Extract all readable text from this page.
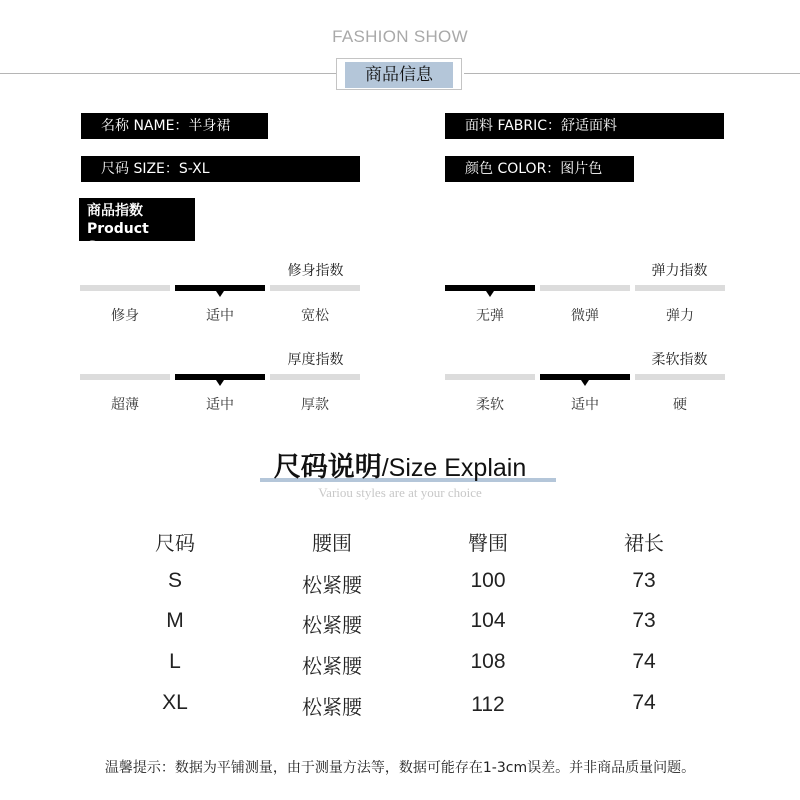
FASHION SHOW
商品信息
名称 NAME：半身裙	面料 FABRIC：舒适面料
尺码 SIZE：S-XL	颜色 COLOR：图片色
商品指数
Product Specs
修身指数
修身	适中	宽松
弹力指数
无弹	微弹	弹力
厚度指数
超薄	适中	厚款
柔软指数
柔软	适中	硬
尺码说明/Size Explain
Variou styles are at your choice
尺码	腰围	臀围	裙长
S	松紧腰	100	73
M	松紧腰	104	73
L	松紧腰	108	74
XL	松紧腰	112	74
温馨提示：数据为平铺测量，由于测量方法等，数据可能存在1-3cm误差。并非商品质量问题。
